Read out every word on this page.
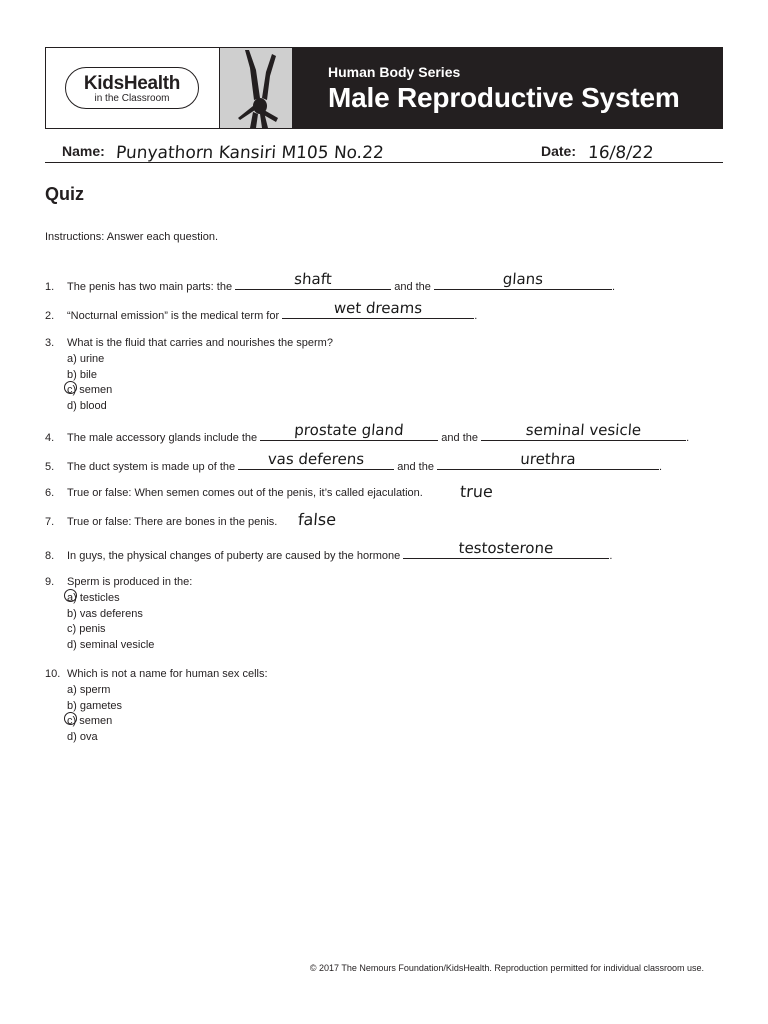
KidsHealth
in the Classroom
Human Body Series
Male Reproductive System
Name: Punyathorn Kansiri M105 No.22	Date: 16/8/22
Quiz
Instructions: Answer each question.
1. The penis has two main parts: the	shaft	and the	glans	.
2. “Nocturnal emission” is the medical term for	wet dreams	.
3. What is the fluid that carries and nourishes the sperm?
a) urine
b) bile
c) semen
d) blood
4. The male accessory glands include the	prostate gland	and the	seminal vesicle	.
5. The duct system is made up of the	vas deferens	and the	urethra	.
6. True or false: When semen comes out of the penis, it’s called ejaculation. true
7. True or false: There are bones in the penis. false
8. In guys, the physical changes of puberty are caused by the hormone	testosterone	.
9. Sperm is produced in the:
a) testicles
b) vas deferens
c) penis
d) seminal vesicle
10. Which is not a name for human sex cells:
a) sperm
b) gametes
c) semen
d) ova
© 2017 The Nemours Foundation/KidsHealth. Reproduction permitted for individual classroom use.
